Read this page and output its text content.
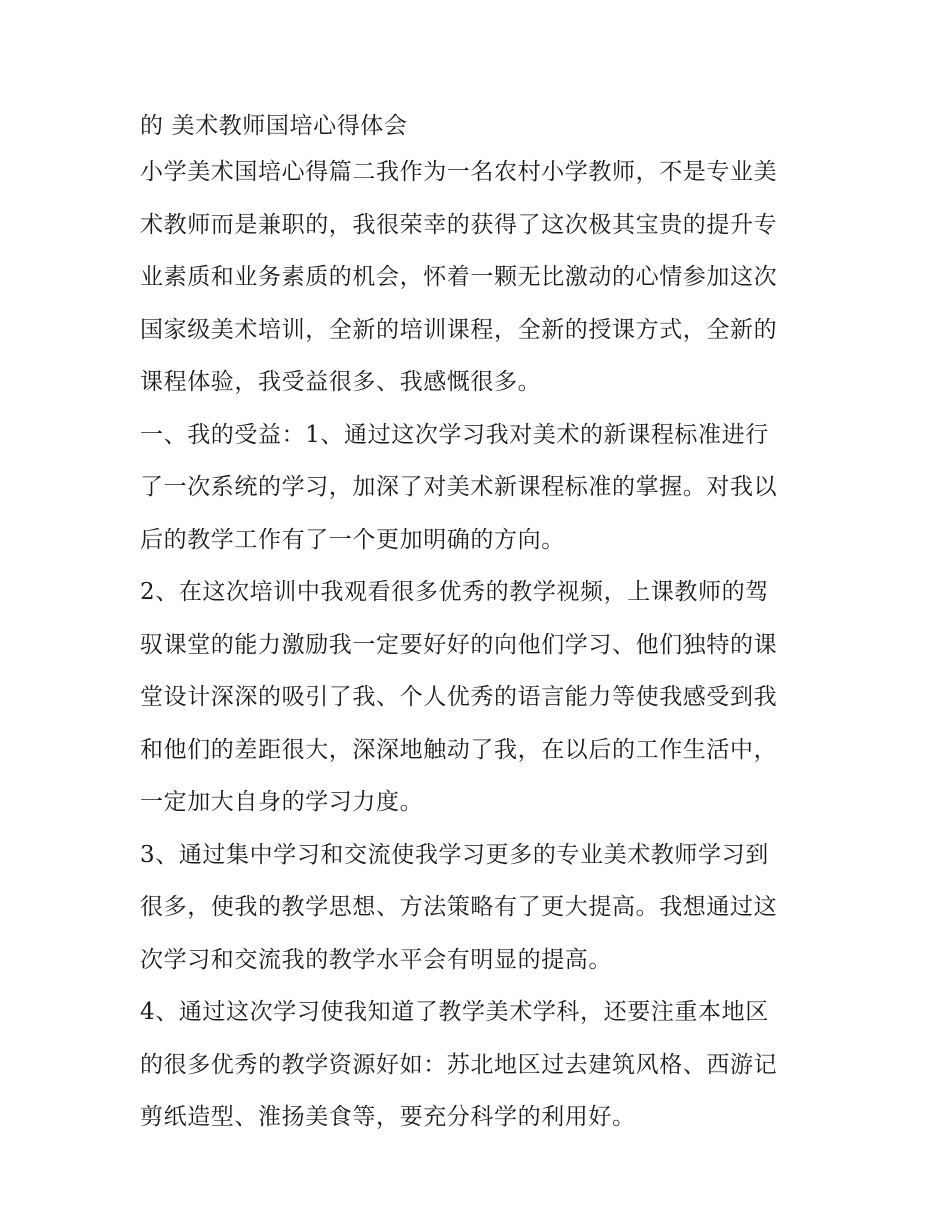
的 美术教师国培心得体会
小学美术国培心得篇二我作为一名农村小学教师，不是专业美
术教师而是兼职的，我很荣幸的获得了这次极其宝贵的提升专
业素质和业务素质的机会，怀着一颗无比激动的心情参加这次
国家级美术培训，全新的培训课程，全新的授课方式，全新的
课程体验，我受益很多、我感慨很多。
一、我的受益：1、通过这次学习我对美术的新课程标准进行
了一次系统的学习，加深了对美术新课程标准的掌握。对我以
后的教学工作有了一个更加明确的方向。
2、在这次培训中我观看很多优秀的教学视频，上课教师的驾
驭课堂的能力激励我一定要好好的向他们学习、他们独特的课
堂设计深深的吸引了我、个人优秀的语言能力等使我感受到我
和他们的差距很大，深深地触动了我，在以后的工作生活中，
一定加大自身的学习力度。
3、通过集中学习和交流使我学习更多的专业美术教师学习到
很多，使我的教学思想、方法策略有了更大提高。我想通过这
次学习和交流我的教学水平会有明显的提高。
4、通过这次学习使我知道了教学美术学科，还要注重本地区
的很多优秀的教学资源好如：苏北地区过去建筑风格、西游记
剪纸造型、淮扬美食等，要充分科学的利用好。
